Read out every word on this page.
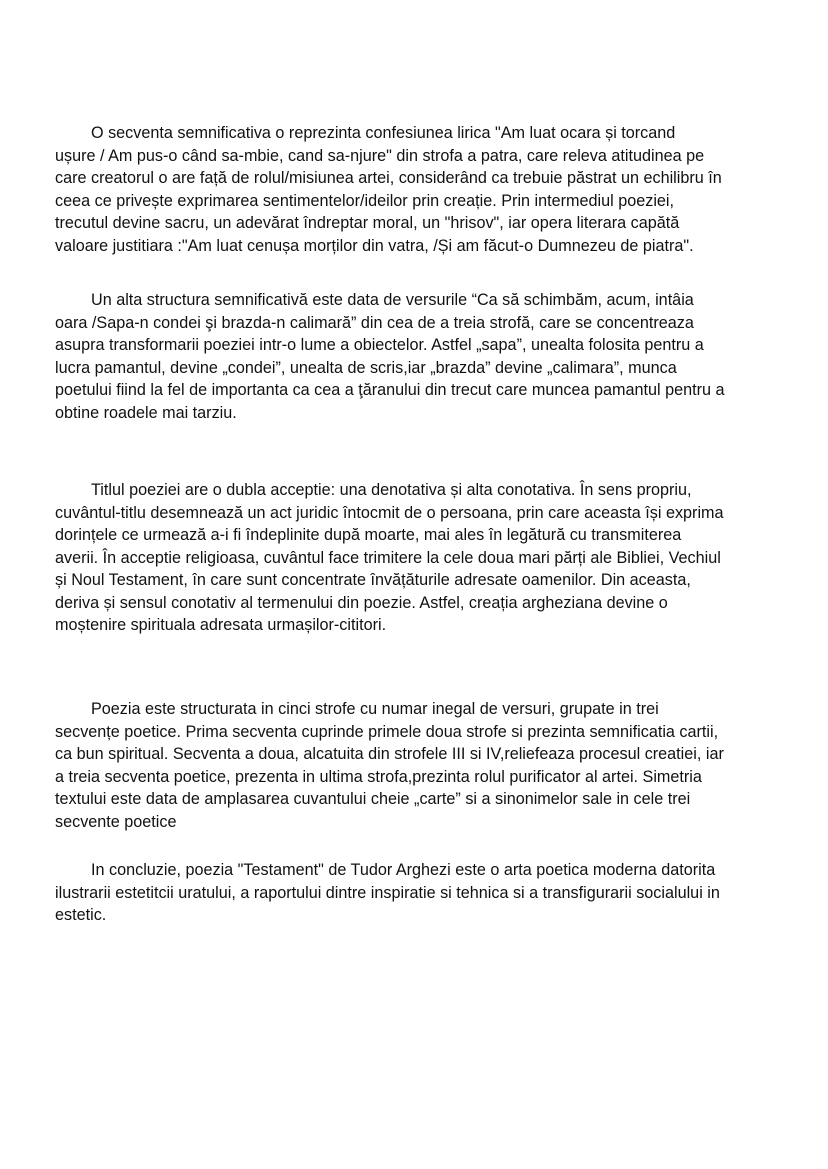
O secventa semnificativa o reprezinta confesiunea lirica "Am luat ocara și torcand
ușure / Am pus-o când sa-mbie, cand sa-njure" din strofa a patra, care releva atitudinea pe
care creatorul o are față de rolul/misiunea artei, considerând ca trebuie păstrat un echilibru în
ceea ce privește exprimarea sentimentelor/ideilor prin creație. Prin intermediul poeziei,
trecutul devine sacru, un adevărat îndreptar moral, un "hrisov", iar opera literara capătă
valoare justitiara :"Am luat cenușa morților din vatra, /Și am făcut-o Dumnezeu de piatra".
Un alta structura semnificativă este data de versurile “Ca să schimbăm, acum, intâia
oara /Sapa-n condei şi brazda-n calimară” din cea de a treia strofă, care se concentreaza
asupra transformarii poeziei intr-o lume a obiectelor. Astfel „sapa”, unealta folosita pentru a
lucra pamantul, devine „condei”, unealta de scris,iar „brazda” devine „calimara”, munca
poetului fiind la fel de importanta ca cea a ţăranului din trecut care muncea pamantul pentru a
obtine roadele mai tarziu.
Titlul poeziei are o dubla acceptie: una denotativa și alta conotativa. În sens propriu,
cuvântul-titlu desemnează un act juridic întocmit de o persoana, prin care aceasta își exprima
dorințele ce urmează a-i fi îndeplinite după moarte, mai ales în legătură cu transmiterea
averii. În acceptie religioasa, cuvântul face trimitere la cele doua mari părți ale Bibliei, Vechiul
și Noul Testament, în care sunt concentrate învățăturile adresate oamenilor. Din aceasta,
deriva și sensul conotativ al termenului din poezie. Astfel, creația argheziana devine o
moștenire spirituala adresata urmașilor-cititori.
Poezia este structurata in cinci strofe cu numar inegal de versuri, grupate in trei
secvențe poetice. Prima secventa cuprinde primele doua strofe si prezinta semnificatia cartii,
ca bun spiritual. Secventa a doua, alcatuita din strofele III si IV,reliefeaza procesul creatiei, iar
a treia secventa poetice, prezenta in ultima strofa,prezinta rolul purificator al artei. Simetria
textului este data de amplasarea cuvantului cheie „carte” si a sinonimelor sale in cele trei
secvente poetice
In concluzie, poezia "Testament" de Tudor Arghezi este o arta poetica moderna datorita
ilustrarii estetitcii uratului, a raportului dintre inspiratie si tehnica si a transfigurarii socialului in
estetic.
